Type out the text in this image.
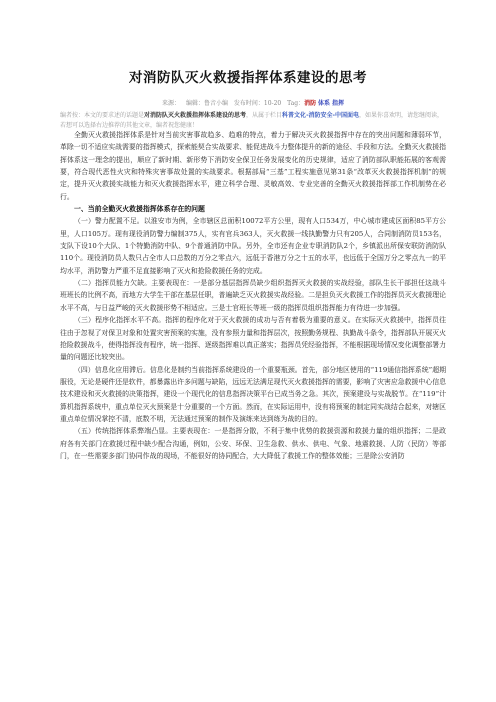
对消防队灭火救援指挥体系建设的思考
来源： 编辑：鲁音小编 发布时间：10-20 Tag：消防 体系 指挥
编者按：本文的要求述的话题是对消防队灭火救援指挥体系建设的思考，从属于栏目科普文化-消防安全-中国面电，如果你喜欢明，请您继阅读，若想可以选择右边推荐的其他文章，编者祝您健康！

全勤灭火救援指挥体系是针对当前灾害事故趋多、趋难的特点，着力于解决灭火救援指挥中存在的突出问题和薄弱环节，革除一切不适应实战需要的指挥模式，探索能契合实战要求、能促进战斗力整体提升的新的途径、手段和方法。全勤灭火救援指挥体系这一理念的提出，顺应了新时期、新形势下消防安全保卫任务发展变化的历史规律，适应了消防部队职能拓展的客观需要，符合现代恶性火灾和特殊灾害事故处置的实战要求。根据部局“三基”工程实施意见第31条“改革灭火救援指挥机制”的规定，提升灭火救援实战能力和灭火救援指挥水平，建立科学合理、灵敏高效、专业完善的全勤灭火救援指挥部工作机制势在必行。

一、当前全勤灭火救援指挥体系存在的问题

（一）警力配置不足。以淮安市为例，全市辖区总面积10072平方公里，现有人口534万，中心城市建成区面积85平方公里，人口105万。现有现役消防警力编制375人，实有官兵363人，灭火救援一线执勤警力只有205人，合同制消防员153名，支队下设10个大队、1个特勤消防中队、9个普通消防中队。另外，全市还有企业专职消防队2个，乡镇派出所保安联防消防队110个。现役消防员人数只占全市人口总数的万分之零点六，远低于香港万分之十五的水平，也远低于全国万分之零点九一的平均水平，消防警力严重不足直接影响了灭火和抢险救援任务的完成。

（二）指挥员能力欠缺。主要表现在：一是部分基层指挥员缺少组织指挥灭火救援的实战经验，部队生长干部担任这战斗班班长的比例不高，而地方大学生干部在基层任职，普遍缺乏灭火救援实战经验。二是担负灭火救援工作的指挥员灭火救援理论水平不高，与日益严峻的灭火救援形势不相适应。三是士官班长等班一级的指挥员组织指挥能力有待进一步加强。

（三）程序化指挥水平不高。指挥的程序化对于灭火救援的成功与否有着极为重要的意义。在实际灭火救援中，指挥员往往由于忽视了对保卫对象和处置灾害预案的实施，没有参照力量和指挥层次，按照勤务规程、执勤战斗条令，指挥部队开展灭火抢险救援战斗，使得指挥没有程序，统一指挥、逐级指挥难以真正落实；指挥员凭经验指挥，不能根据现场情况变化调整部署力量的问题还比较突出。

（四）信息化应用滞后。信息化是制约当前指挥系统建设的一个重要瓶颈。首先，部分地区使用的“119通信指挥系统”超期服役，无论是硬件还是软件，都暴露出许多问题与缺陷，远远无法满足现代灭火救援指挥的需要，影响了灾害应急救援中心信息技术建设和灭火救援的决策指挥，建设一个现代化的信息指挥决策平台已成当务之急。其次，预案建设与实战脱节。在“119”计算机指挥系统中，重点单位灭火预案是十分重要的一个方面。然而，在实际运用中，没有将预案的制定同实战结合起来，对辖区重点单位情况掌控不清，底数不明，无法通过预案的制作及演练来达到练为战的目的。

（五）传统指挥体系弊端凸显。主要表现在：一是指挥分散，不利于集中优势的救援资源和救援力量的组织指挥；二是政府各有关部门在救援过程中缺少配合沟通，例如，公安、环保、卫生急救、供水、供电、气象、地震救援、人防（民防）等部门，在一些需要多部门协同作战的现场，不能很好的协同配合，大大降低了救援工作的整体效能；三是除公安消防
